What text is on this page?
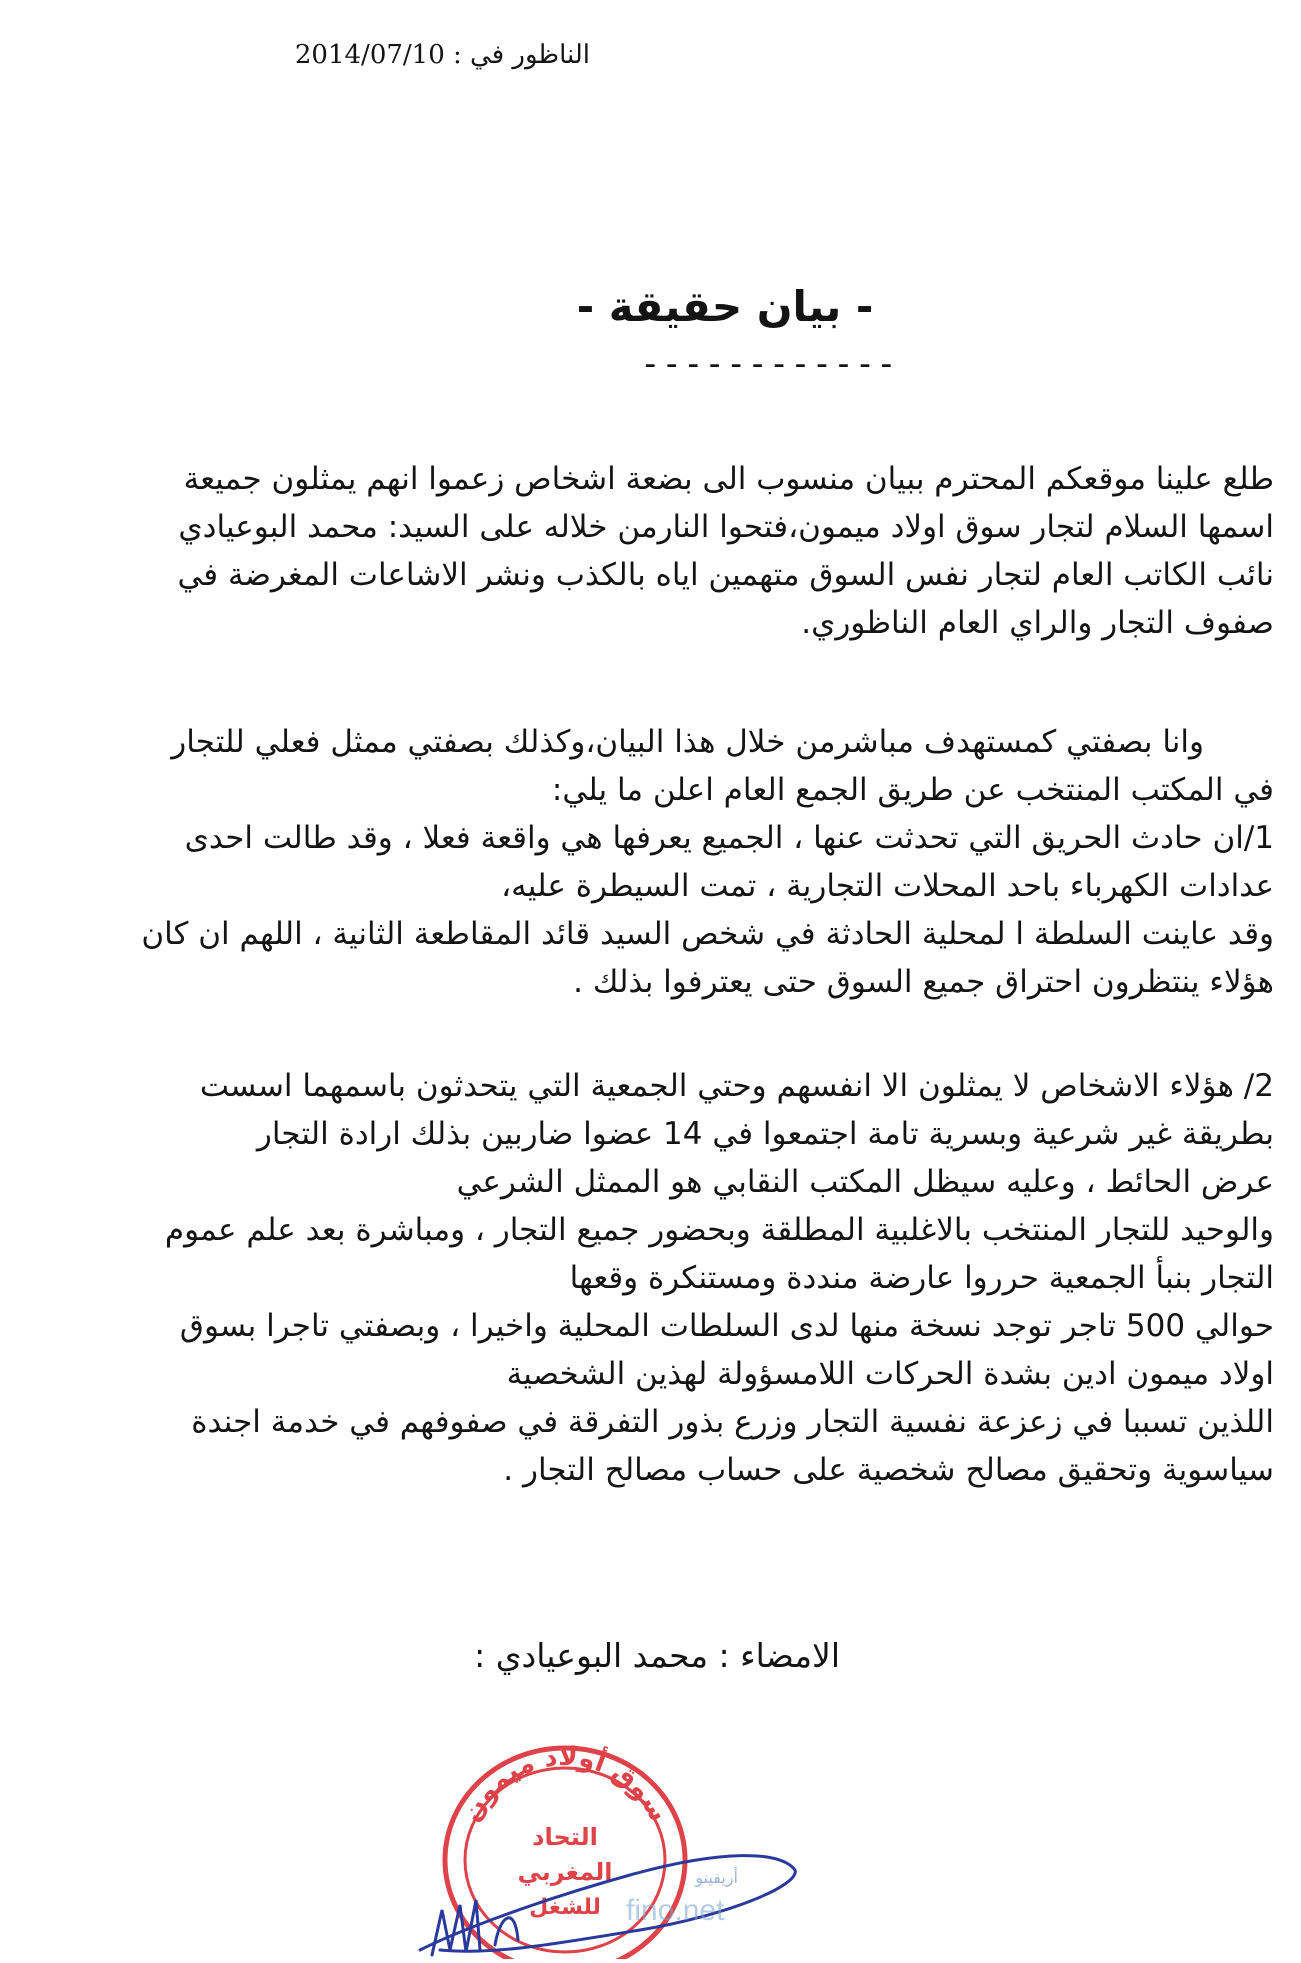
الناظور في : 2014/07/10
- بيان حقيقة -
------------

طلع علينا موقعكم المحترم ببيان منسوب الى بضعة اشخاص زعموا انهم يمثلون جميعة

اسمها السلام لتجار سوق اولاد ميمون،فتحوا النارمن خلاله على السيد: محمد البوعيادي

نائب الكاتب العام لتجار نفس السوق متهمين اياه بالكذب ونشر الاشاعات المغرضة في

صفوف التجار والراي العام الناظوري.

وانا بصفتي كمستهدف مباشرمن خلال هذا البيان،وكذلك بصفتي ممثل فعلي للتجار

في المكتب المنتخب عن طريق الجمع العام اعلن ما يلي:

1/ان حادث الحريق التي تحدثت عنها ، الجميع يعرفها هي واقعة فعلا ، وقد طالت احدى

عدادات الكهرباء باحد المحلات التجارية ، تمت السيطرة عليه،

وقد عاينت السلطة ا لمحلية الحادثة في شخص السيد قائد المقاطعة الثانية ، اللهم ان كان

هؤلاء ينتظرون احتراق جميع السوق حتى يعترفوا بذلك .

2/ هؤلاء الاشخاص لا يمثلون الا انفسهم وحتي الجمعية التي يتحدثون باسمهما اسست

بطريقة غير شرعية وبسرية تامة اجتمعوا في 14 عضوا ضاربين بذلك ارادة التجار

عرض الحائط ، وعليه سيظل المكتب النقابي هو الممثل الشرعي

والوحيد للتجار المنتخب بالاغلبية المطلقة وبحضور جميع التجار ، ومباشرة بعد علم عموم

التجار بنبأ الجمعية حرروا عارضة منددة ومستنكرة وقعها

حوالي 500 تاجر توجد نسخة منها لدى السلطات المحلية واخيرا ، وبصفتي تاجرا بسوق

اولاد ميمون ادين بشدة الحركات اللامسؤولة لهذين الشخصية

اللذين تسببا في زعزعة نفسية التجار وزرع بذور التفرقة في صفوفهم في خدمة اجندة

سياسوية وتحقيق مصالح شخصية على حساب مصالح التجار .

الامضاء : محمد البوعيادي :
سوق أولاد ميمون
التحاد
المغربي
للشغل
أريفينو
fino.net
